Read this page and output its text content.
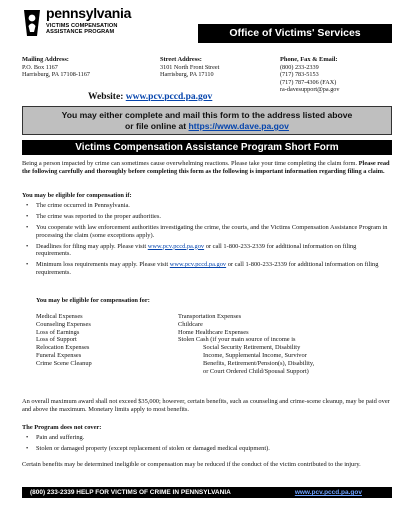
pennsylvania
VICTIMS COMPENSATION
ASSISTANCE PROGRAM	Office of Victims' Services
Mailing Address:
P.O. Box 1167
Harrisburg, PA 17108-1167
Street Address:
3101 North Front Street
Harrisburg, PA 17110
Phone, Fax & Email:
(800) 233-2339
(717) 783-5153
(717) 787-4306 (FAX)
ra-davesupport@pa.gov
Website: www.pcv.pccd.pa.gov
You may either complete and mail this form to the address listed above
or file online at https://www.dave.pa.gov
Victims Compensation Assistance Program Short Form
Being a person impacted by crime can sometimes cause overwhelming reactions. Please take your time completing the claim form. Please read the following carefully and thoroughly before completing this form as the following is important information regarding filing a claim.
You may be eligible for compensation if:
• The crime occurred in Pennsylvania.
• The crime was reported to the proper authorities.
• You cooperate with law enforcement authorities investigating the crime, the courts, and the Victims Compensation Assistance Program in processing the claim (some exceptions apply).
• Deadlines for filing may apply. Please visit www.pcv.pccd.pa.gov or call 1-800-233-2339 for additional information on filing requirements.
• Minimum loss requirements may apply. Please visit www.pcv.pccd.pa.gov or call 1-800-233-2339 for additional information on filing requirements.
You may be eligible for compensation for:
Medical Expenses
Counseling Expenses
Loss of Earnings
Loss of Support
Relocation Expenses
Funeral Expenses
Crime Scene Cleanup
Transportation Expenses
Childcare
Home Healthcare Expenses
Stolen Cash (if your main source of income is
Social Security Retirement, Disability
Income, Supplemental Income, Survivor
Benefits, Retirement/Pension(s), Disability,
or Court Ordered Child/Spousal Support)
An overall maximum award shall not exceed $35,000; however, certain benefits, such as counseling and crime-scene cleanup, may be paid over and above the maximum. Monetary limits apply to most benefits.
The Program does not cover:
• Pain and suffering.
• Stolen or damaged property (except replacement of stolen or damaged medical equipment).
Certain benefits may be determined ineligible or compensation may be reduced if the conduct of the victim contributed to the injury.
(800) 233-2339 HELP FOR VICTIMS OF CRIME IN PENNSYLVANIA	www.pcv.pccd.pa.gov
